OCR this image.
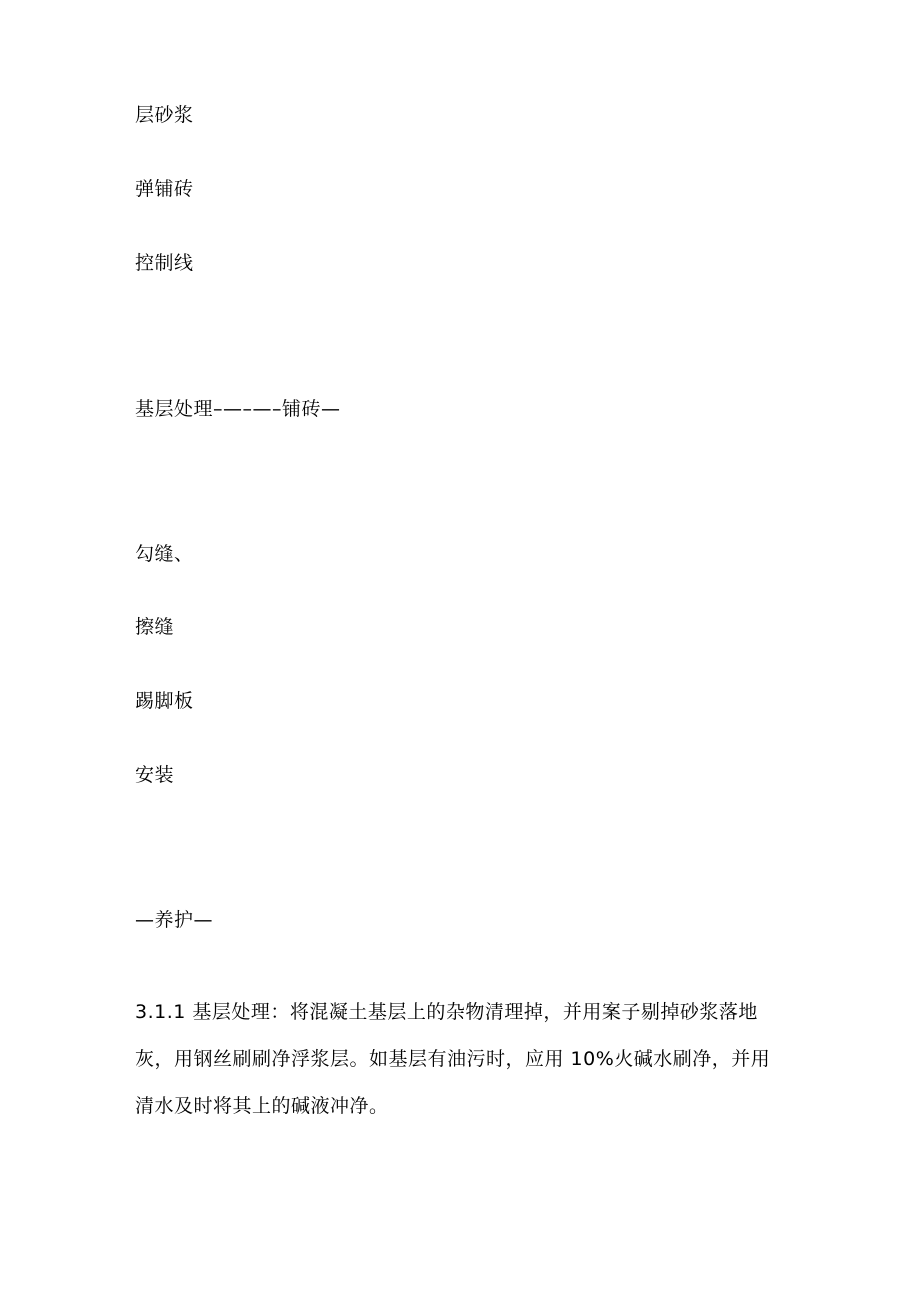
层砂浆
弹铺砖
控制线
基层处理–—–—–铺砖—
勾缝、
擦缝
踢脚板
安装
—养护—
3.1.1 基层处理：将混凝土基层上的杂物清理掉，并用案子剔掉砂浆落地
灰，用钢丝刷刷净浮浆层。如基层有油污时，应用 10%火碱水刷净，并用
清水及时将其上的碱液冲净。
